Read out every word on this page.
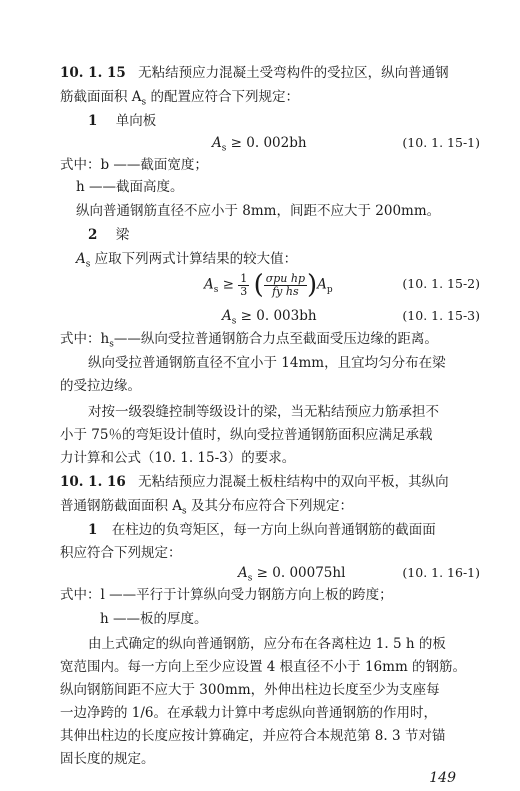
10. 1. 15 无粘结预应力混凝土受弯构件的受拉区，纵向普通钢
筋截面面积 $A_s$ 的配置应符合下列规定：
1 单向板
$A_s \ge 0$. 002bh	(10. 1. 15-1)
式中：b ——截面宽度；
h ——截面高度。
纵向普通钢筋直径不应小于 8mm，间距不应大于 200mm。
2 梁
$A_s$ 应取下列两式计算结果的较大值：
$A_s \ge \frac{1}{3}$ ( $\frac{\text{σpu hp}}{\text{fy hs}} )A_p$	(10. 1. 15-2)
$A_s \ge 0$. 003bh	(10. 1. 15-3)
式中：$h_s——$纵向受拉普通钢筋合力点至截面受压边缘的距离。
纵向受拉普通钢筋直径不宜小于 14mm，且宜均匀分布在梁
的受拉边缘。
对按一级裂缝控制等级设计的梁，当无粘结预应力筋承担不
小于 75％的弯矩设计值时，纵向受拉普通钢筋面积应满足承载
力计算和公式（10. 1. 15-3）的要求。
10. 1. 16 无粘结预应力混凝土板柱结构中的双向平板，其纵向
普通钢筋截面面积 $A_s$ 及其分布应符合下列规定：
1 在柱边的负弯矩区，每一方向上纵向普通钢筋的截面面
积应符合下列规定：
$A_s \ge 0$. 00075hl	(10. 1. 16-1)
式中：l ——平行于计算纵向受力钢筋方向上板的跨度；
h ——板的厚度。
由上式确定的纵向普通钢筋，应分布在各离柱边 1. 5 h 的板
宽范围内。每一方向上至少应设置 4 根直径不小于 16mm 的钢筋。
纵向钢筋间距不应大于 300mm，外伸出柱边长度至少为支座每
一边净跨的 1/6。在承载力计算中考虑纵向普通钢筋的作用时，
其伸出柱边的长度应按计算确定，并应符合本规范第 8. 3 节对锚
固长度的规定。
149
